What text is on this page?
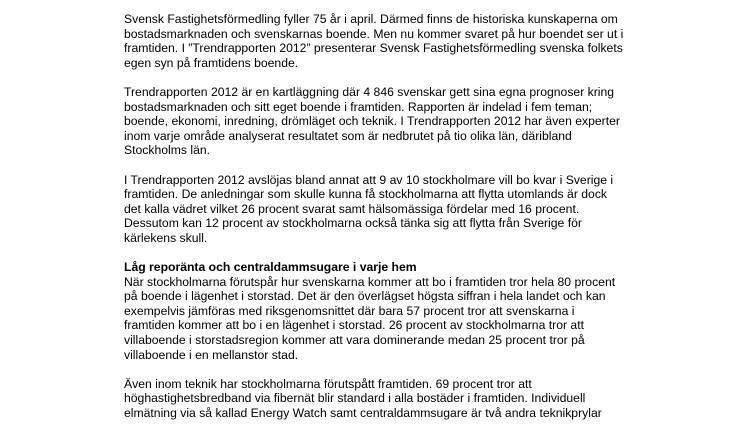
Svensk Fastighetsförmedling fyller 75 år i april. Därmed finns de historiska kunskaperna om
bostadsmarknaden och svenskarnas boende. Men nu kommer svaret på hur boendet ser ut i
framtiden. I ”Trendrapporten 2012” presenterar Svensk Fastighetsförmedling svenska folkets
egen syn på framtidens boende.
Trendrapporten 2012 är en kartläggning där 4 846 svenskar gett sina egna prognoser kring
bostadsmarknaden och sitt eget boende i framtiden. Rapporten är indelad i fem teman;
boende, ekonomi, inredning, drömläget och teknik. I Trendrapporten 2012 har även experter
inom varje område analyserat resultatet som är nedbrutet på tio olika län, däribland
Stockholms län.
I Trendrapporten 2012 avslöjas bland annat att 9 av 10 stockholmare vill bo kvar i Sverige i
framtiden. De anledningar som skulle kunna få stockholmarna att flytta utomlands är dock
det kalla vädret vilket 26 procent svarat samt hälsomässiga fördelar med 16 procent.
Dessutom kan 12 procent av stockholmarna också tänka sig att flytta från Sverige för
kärlekens skull.
Låg reporänta och centraldammsugare i varje hem
När stockholmarna förutspår hur svenskarna kommer att bo i framtiden tror hela 80 procent
på boende i lägenhet i storstad. Det är den överlägset högsta siffran i hela landet och kan
exempelvis jämföras med riksgenomsnittet där bara 57 procent tror att svenskarna i
framtiden kommer att bo i en lägenhet i storstad. 26 procent av stockholmarna tror att
villaboende i storstadsregion kommer att vara dominerande medan 25 procent tror på
villaboende i en mellanstor stad.
Även inom teknik har stockholmarna förutspått framtiden. 69 procent tror att
höghastighetsbredband via fibernät blir standard i alla bostäder i framtiden. Individuell
elmätning via så kallad Energy Watch samt centraldammsugare är två andra teknikprylar
